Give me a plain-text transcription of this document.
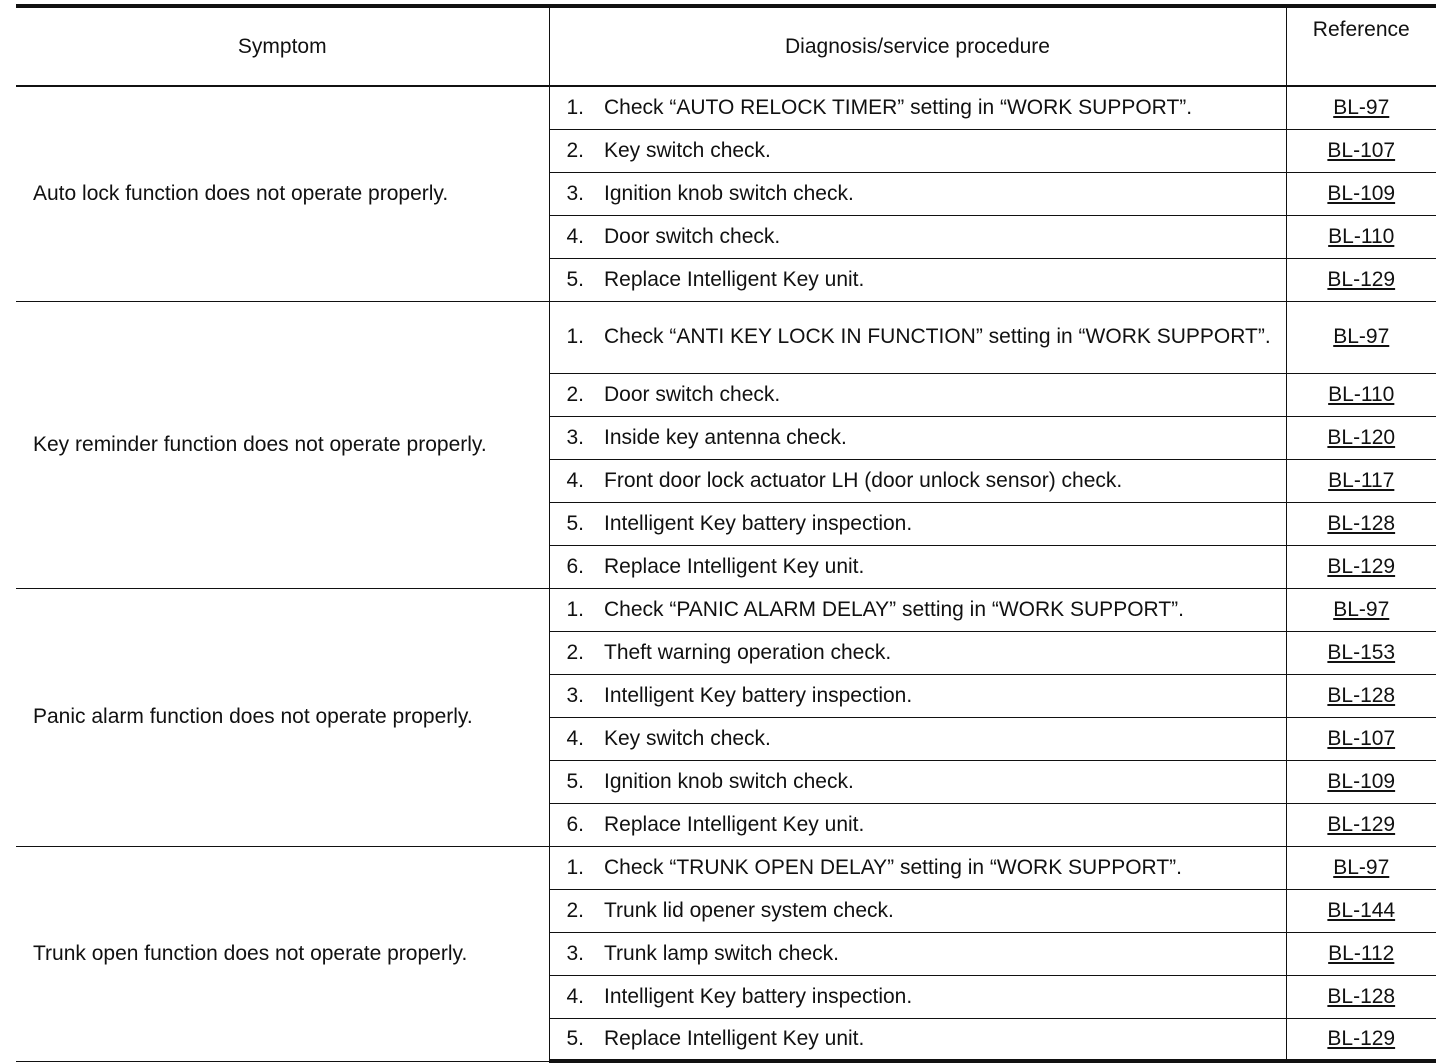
Symptom	Diagnosis/service procedure		Reference
Auto lock function does not operate properly.	1.	Check “AUTO RELOCK TIMER” setting in “WORK SUPPORT”.	BL-97
	2.	Key switch check.	BL-107
	3.	Ignition knob switch check.	BL-109
	4.	Door switch check.	BL-110
	5.	Replace Intelligent Key unit.	BL-129
Key reminder function does not operate properly.	1.	Check “ANTI KEY LOCK IN FUNCTION” setting in “WORK SUPPORT”.	BL-97
	2.	Door switch check.	BL-110
	3.	Inside key antenna check.	BL-120
	4.	Front door lock actuator LH (door unlock sensor) check.	BL-117
	5.	Intelligent Key battery inspection.	BL-128
	6.	Replace Intelligent Key unit.	BL-129
Panic alarm function does not operate properly.	1.	Check “PANIC ALARM DELAY” setting in “WORK SUPPORT”.	BL-97
	2.	Theft warning operation check.	BL-153
	3.	Intelligent Key battery inspection.	BL-128
	4.	Key switch check.	BL-107
	5.	Ignition knob switch check.	BL-109
	6.	Replace Intelligent Key unit.	BL-129
Trunk open function does not operate properly.	1.	Check “TRUNK OPEN DELAY” setting in “WORK SUPPORT”.	BL-97
	2.	Trunk lid opener system check.	BL-144
	3.	Trunk lamp switch check.	BL-112
	4.	Intelligent Key battery inspection.	BL-128
	5.	Replace Intelligent Key unit.	BL-129
